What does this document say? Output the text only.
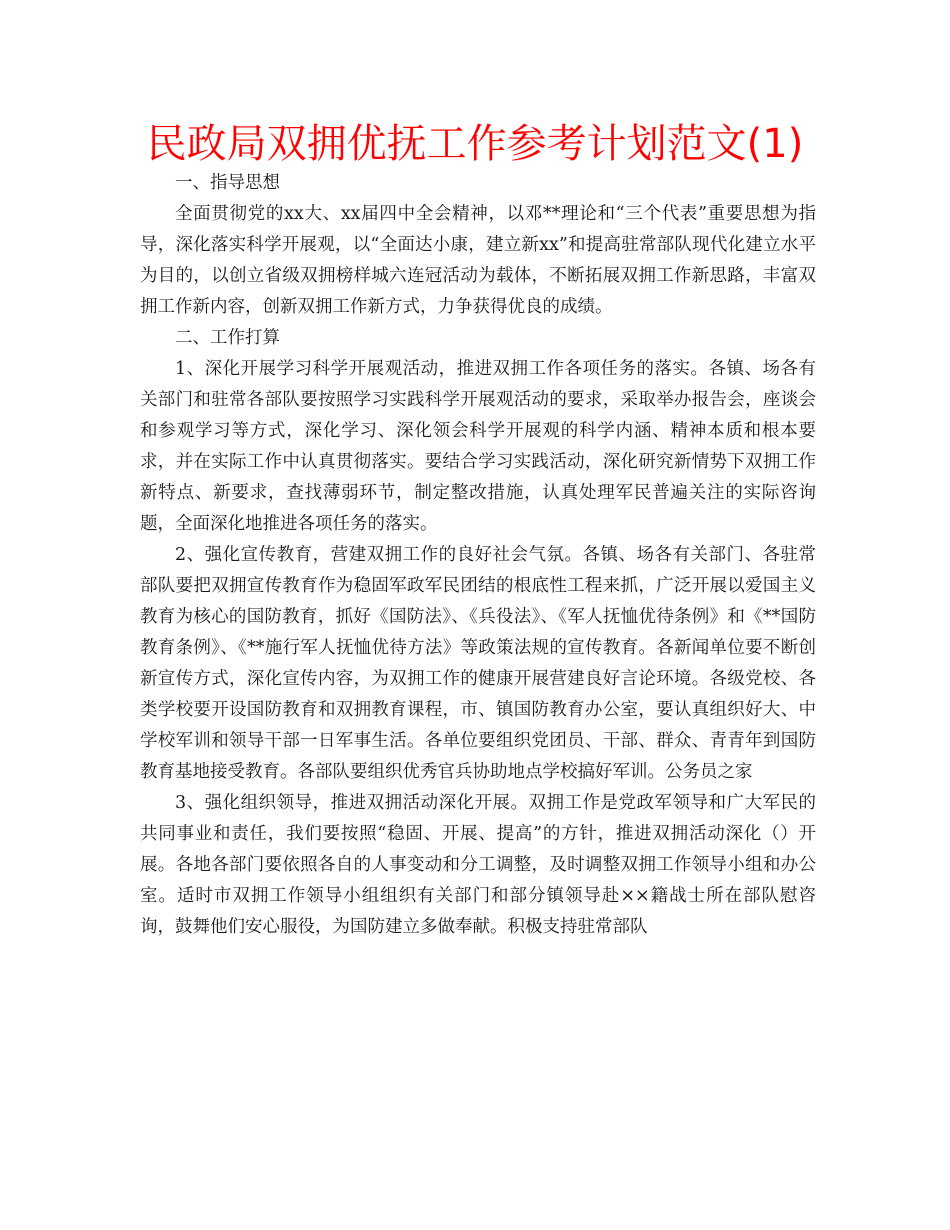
民政局双拥优抚工作参考计划范文(1)

一、指导思想

全面贯彻党的xx大、xx届四中全会精神，以邓**理论和“三个代表”重要思想为指导，深化落实科学开展观，以“全面达小康，建立新xx”和提高驻常部队现代化建立水平为目的，以创立省级双拥榜样城六连冠活动为载体，不断拓展双拥工作新思路，丰富双拥工作新内容，创新双拥工作新方式，力争获得优良的成绩。

二、工作打算

1、深化开展学习科学开展观活动，推进双拥工作各项任务的落实。各镇、场各有关部门和驻常各部队要按照学习实践科学开展观活动的要求，采取举办报告会，座谈会和参观学习等方式，深化学习、深化领会科学开展观的科学内涵、精神本质和根本要求，并在实际工作中认真贯彻落实。要结合学习实践活动，深化研究新情势下双拥工作新特点、新要求，查找薄弱环节，制定整改措施，认真处理军民普遍关注的实际咨询题，全面深化地推进各项任务的落实。

2、强化宣传教育，营建双拥工作的良好社会气氛。各镇、场各有关部门、各驻常部队要把双拥宣传教育作为稳固军政军民团结的根底性工程来抓，广泛开展以爱国主义教育为核心的国防教育，抓好《国防法》、《兵役法》、《军人抚恤优待条例》和《**国防教育条例》、《**施行军人抚恤优待方法》等政策法规的宣传教育。各新闻单位要不断创新宣传方式，深化宣传内容，为双拥工作的健康开展营建良好言论环境。各级党校、各类学校要开设国防教育和双拥教育课程，市、镇国防教育办公室，要认真组织好大、中学校军训和领导干部一日军事生活。各单位要组织党团员、干部、群众、青青年到国防教育基地接受教育。各部队要组织优秀官兵协助地点学校搞好军训。公务员之家

3、强化组织领导，推进双拥活动深化开展。双拥工作是党政军领导和广大军民的共同事业和责任，我们要按照“稳固、开展、提高”的方针，推进双拥活动深化（）开展。各地各部门要依照各自的人事变动和分工调整，及时调整双拥工作领导小组和办公室。适时市双拥工作领导小组组织有关部门和部分镇领导赴××籍战士所在部队慰咨询，鼓舞他们安心服役，为国防建立多做奉献。积极支持驻常部队
